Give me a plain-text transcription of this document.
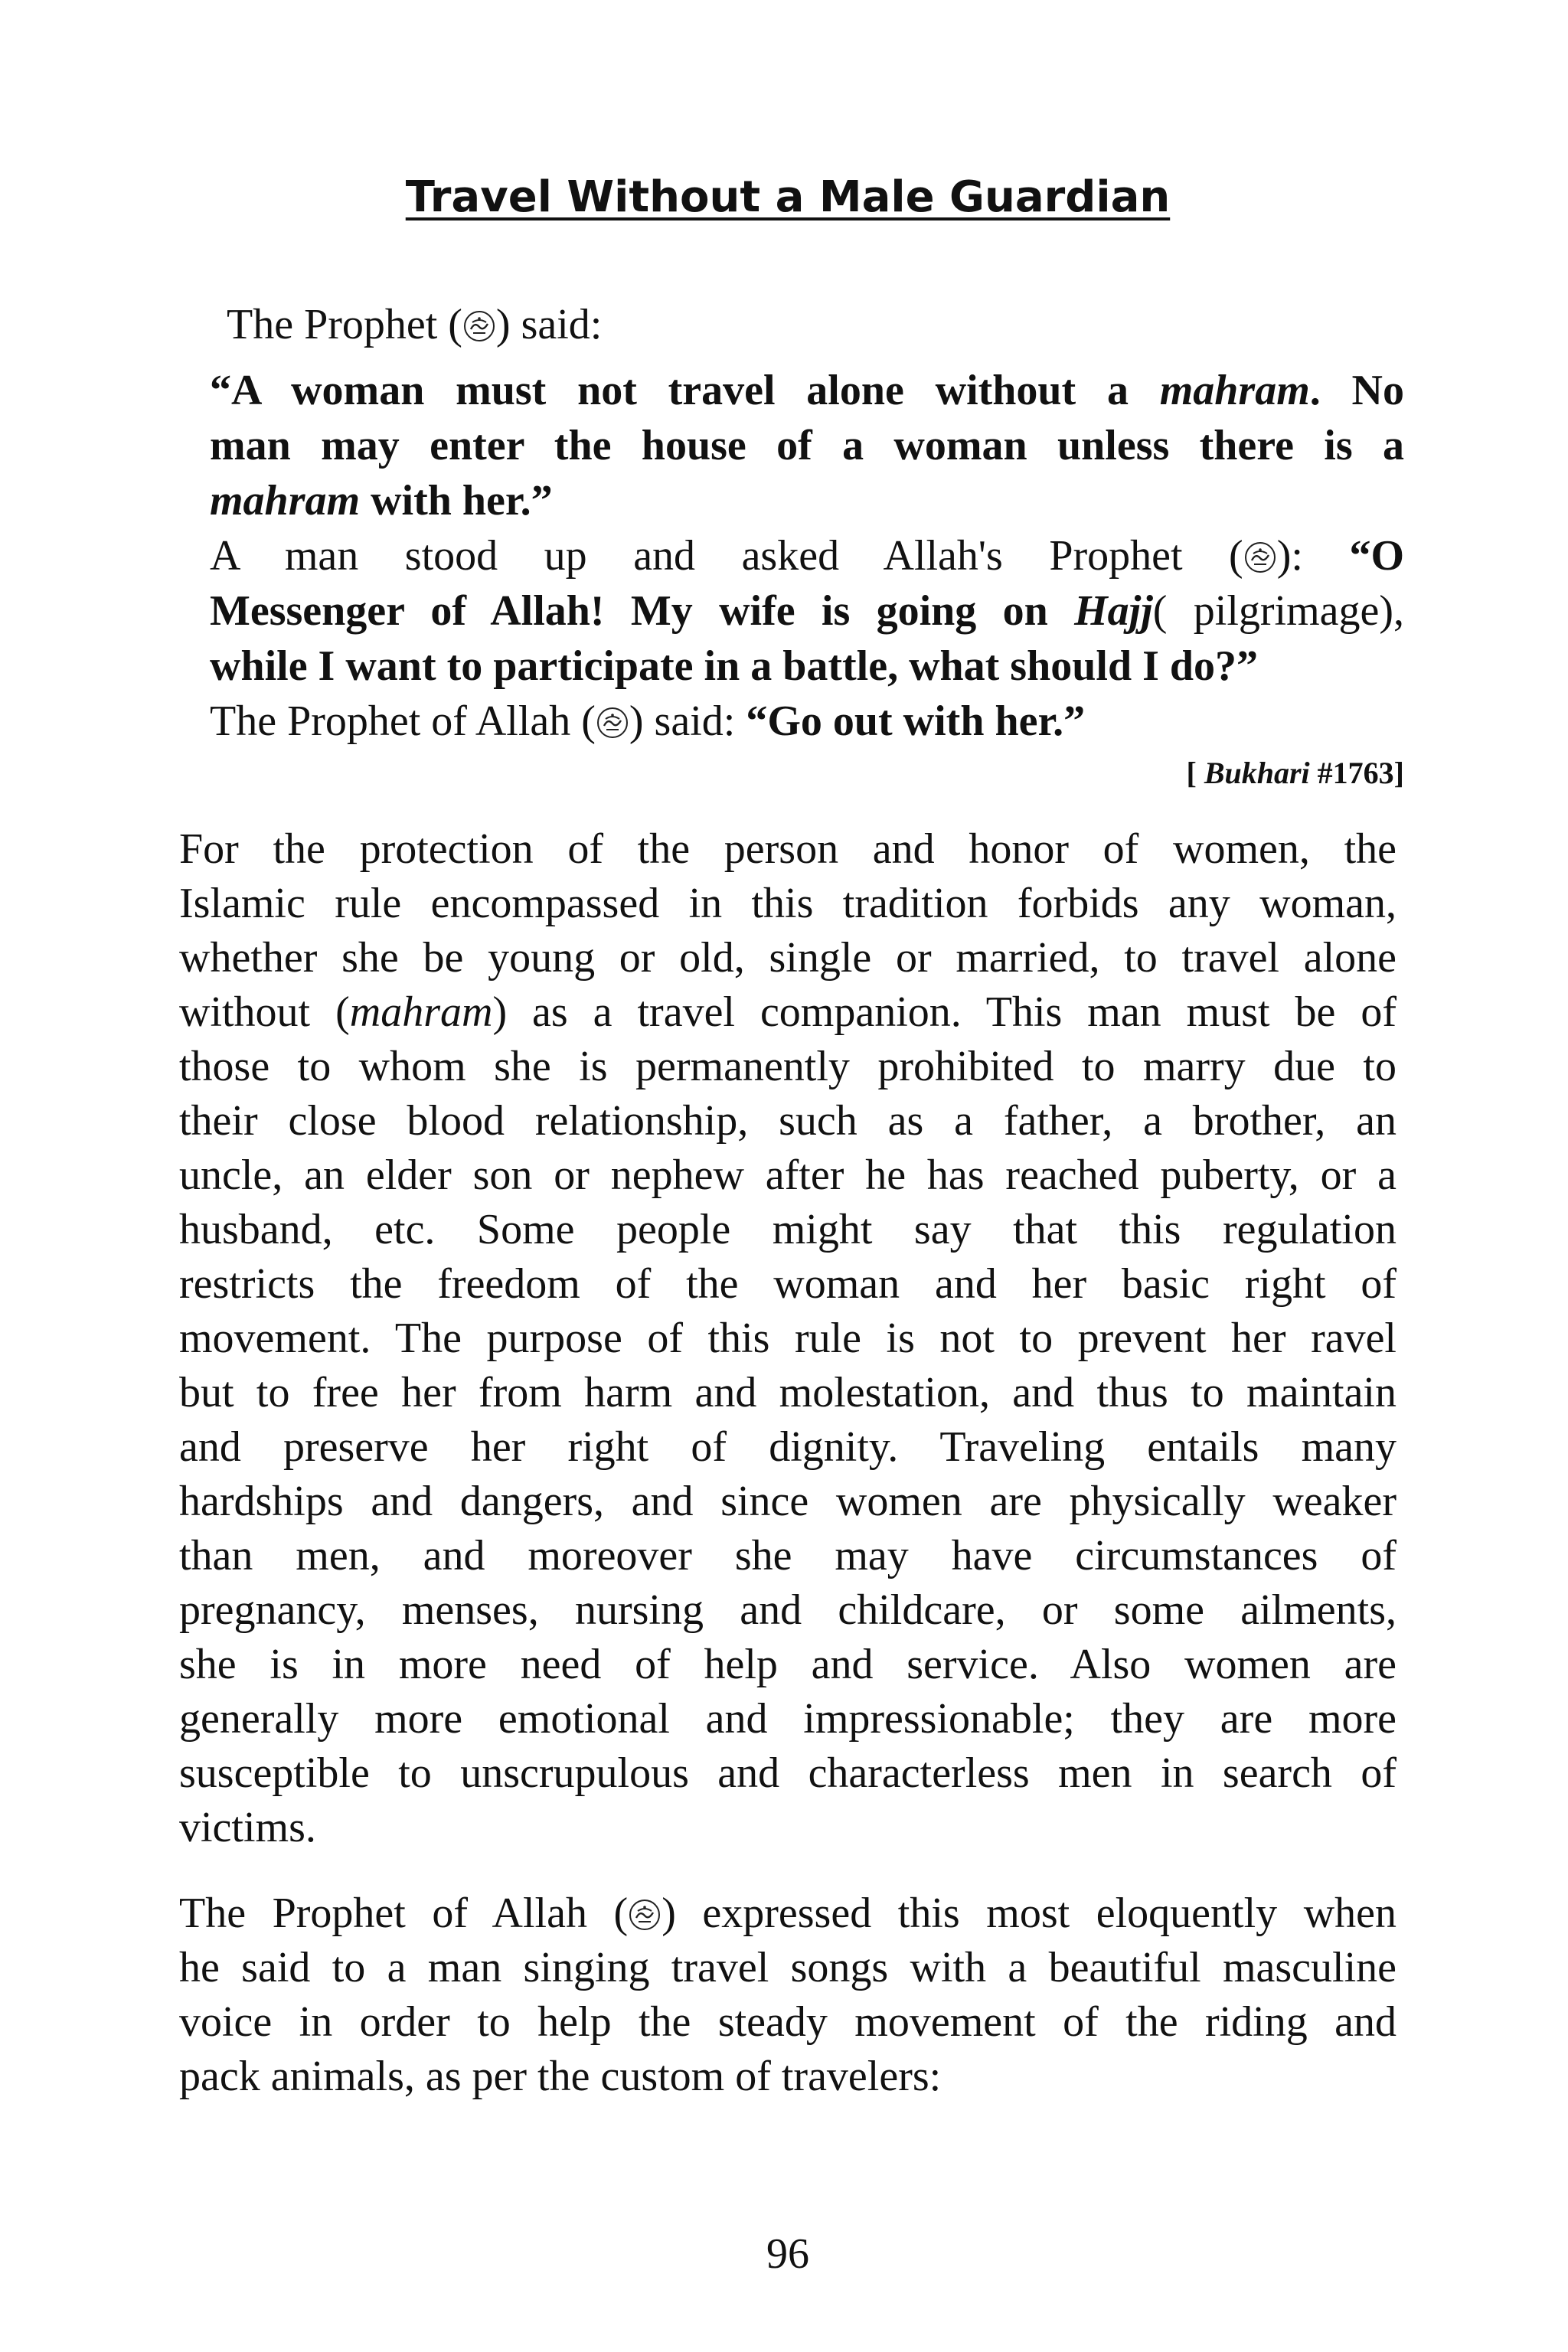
Travel Without a Male Guardian

The Prophet ( ) said:

“A woman must not travel alone without a mahram. No
man may enter the house of a woman unless there is a
mahram with her.”
A man stood up and asked Allah's Prophet ( ): “O
Messenger of Allah! My wife is going on Hajj( pilgrimage),
while I want to participate in a battle, what should I do?”
The Prophet of Allah ( ) said: “Go out with her.”

[ Bukhari #1763]

For the protection of the person and honor of women, the
Islamic rule encompassed in this tradition forbids any woman,
whether she be young or old, single or married, to travel alone
without (mahram) as a travel companion. This man must be of
those to whom she is permanently prohibited to marry due to
their close blood relationship, such as a father, a brother, an
uncle, an elder son or nephew after he has reached puberty, or a
husband, etc. Some people might say that this regulation
restricts the freedom of the woman and her basic right of
movement. The purpose of this rule is not to prevent her ravel
but to free her from harm and molestation, and thus to maintain
and preserve her right of dignity. Traveling entails many
hardships and dangers, and since women are physically weaker
than men, and moreover she may have circumstances of
pregnancy, menses, nursing and childcare, or some ailments,
she is in more need of help and service. Also women are
generally more emotional and impressionable; they are more
susceptible to unscrupulous and characterless men in search of
victims.
The Prophet of Allah ( ) expressed this most eloquently when
he said to a man singing travel songs with a beautiful masculine
voice in order to help the steady movement of the riding and
pack animals, as per the custom of travelers:

96
